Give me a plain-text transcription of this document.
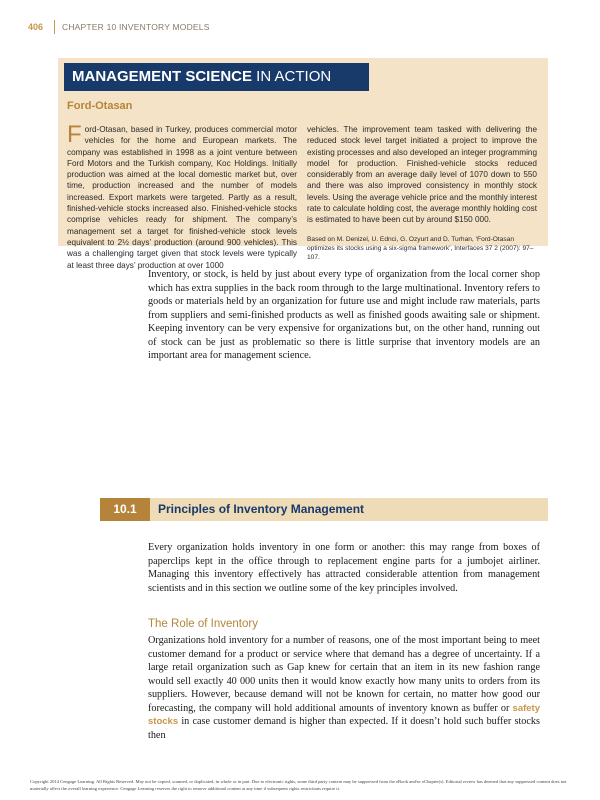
406 CHAPTER 10 INVENTORY MODELS
MANAGEMENT SCIENCE IN ACTION
Ford-Otasan
Ford-Otasan, based in Turkey, produces commercial motor vehicles for the home and European markets. The company was established in 1998 as a joint venture between Ford Motors and the Turkish company, Koc Holdings. Initially production was aimed at the local domestic market but, over time, production increased and the number of models increased. Export markets were targeted. Partly as a result, finished-vehicle stocks increased also. Finished-vehicle stocks comprise vehicles ready for shipment. The company’s management set a target for finished-vehicle stock levels equivalent to 2½ days’ production (around 900 vehicles). This was a challenging target given that stock levels were typically at least three days’ production at over 1000
vehicles. The improvement team tasked with delivering the reduced stock level target initiated a project to improve the existing processes and also developed an integer programming model for production. Finished-vehicle stocks reduced considerably from an average daily level of 1070 down to 550 and there was also improved consistency in monthly stock levels. Using the average vehicle price and the monthly interest rate to calculate holding cost, the average monthly holding cost is estimated to have been cut by around $150 000.
Based on M. Denizel, U. Ednci, G. Ozyurt and D. Turhan, ‘Ford-Otasan optimizes its stocks using a six-sigma framework’, Interfaces 37 2 (2007): 97–107.
Inventory, or stock, is held by just about every type of organization from the local corner shop which has extra supplies in the back room through to the large multinational. Inventory refers to goods or materials held by an organization for future use and might include raw materials, parts from suppliers and semi-finished products as well as finished goods awaiting sale or shipment. Keeping inventory can be very expensive for organizations but, on the other hand, running out of stock can be just as problematic so there is little surprise that inventory models are an important area for management science.
10.1	Principles of Inventory Management
Every organization holds inventory in one form or another: this may range from boxes of paperclips kept in the office through to replacement engine parts for a jumbojet airliner. Managing this inventory effectively has attracted considerable attention from management scientists and in this section we outline some of the key principles involved.
The Role of Inventory
Organizations hold inventory for a number of reasons, one of the most important being to meet customer demand for a product or service where that demand has a degree of uncertainty. If a large retail organization such as Gap knew for certain that an item in its new fashion range would sell exactly 40 000 units then it would know exactly how many units to orders from its suppliers. However, because demand will not be known for certain, no matter how good our forecasting, the company will hold additional amounts of inventory known as buffer or safety stocks in case customer demand is higher than expected. If it doesn’t hold such buffer stocks then
Copyright 2014 Cengage Learning. All Rights Reserved. May not be copied, scanned, or duplicated, in whole or in part. Due to electronic rights, some third party content may be suppressed from the eBook and/or eChapter(s). Editorial review has deemed that any suppressed content does not materially affect the overall learning experience. Cengage Learning reserves the right to remove additional content at any time if subsequent rights restrictions require it.
